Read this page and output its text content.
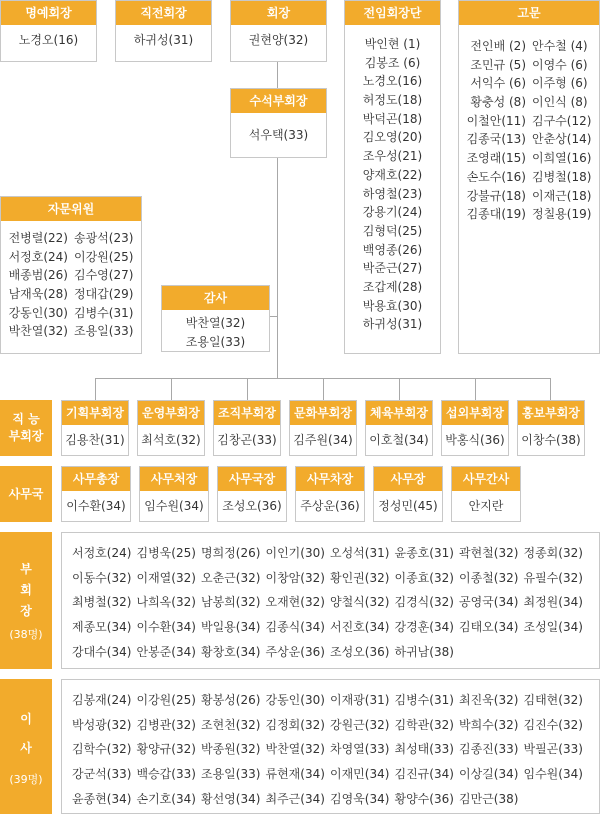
명예회장
노경오(16)
직전회장
하귀성(31)
회장
권현양(32)
수석부회장
석우택(33)
전임회장단
박인현 (1)
김봉조 (6)
노경오(16)
허정도(18)
박덕곤(18)
김오영(20)
조우성(21)
양재호(22)
하영철(23)
강용기(24)
김형덕(25)
백영종(26)
박준근(27)
조갑제(28)
박용효(30)
하귀성(31)
고문
전인배 (2) 안수철 (4)
조민규 (5) 이영수 (6)
서익수 (6) 이주형 (6)
황충성 (8) 이인식 (8)
이철안(11) 김구수(12)
김종국(13) 안춘상(14)
조영래(15) 이희열(16)
손도수(16) 김병철(18)
강불규(18) 이재근(18)
김종대(19) 정칠용(19)
자문위원
전병렬(22) 송광석(23)
서정호(24) 이강원(25)
배종범(26) 김수영(27)
남재욱(28) 정대갑(29)
강동인(30) 김병수(31)
박찬열(32) 조용일(33)
감사
박찬열(32)
조용일(33)
직 능
부회장
기획부회장
김용찬(31)
운영부회장
최석호(32)
조직부회장
김창곤(33)
문화부회장
김주원(34)
체육부회장
이호철(34)
섭외부회장
박홍식(36)
홍보부회장
이창수(38)
사무국
사무총장
이수환(34)
사무처장
임수원(34)
사무국장
조성오(36)
사무차장
주상운(36)
사무장
정성민(45)
사무간사
안지란
부
회
장
(38명)
서정호(24) 김병욱(25) 명희정(26) 이인기(30) 오성석(31) 윤종호(31) 곽현철(32) 정종회(32)
이동수(32) 이재열(32) 오춘근(32) 이창암(32) 황인권(32) 이종효(32) 이종철(32) 유필수(32)
최병철(32) 나희옥(32) 남봉희(32) 오재현(32) 양철식(32) 김경식(32) 공영국(34) 최정원(34)
제종모(34) 이수환(34) 박일용(34) 김종식(34) 서진호(34) 강경훈(34) 김태오(34) 조성일(34)
강대수(34) 안봉준(34) 황창호(34) 주상운(36) 조성오(36) 하귀남(38)
이
사
(39명)
김봉재(24) 이강원(25) 황봉성(26) 강동인(30) 이재광(31) 김병수(31) 최진욱(32) 김태현(32)
박성광(32) 김병관(32) 조현천(32) 김정회(32) 강원근(32) 김학관(32) 박희수(32) 김진수(32)
김학수(32) 황양규(32) 박종원(32) 박찬열(32) 차영열(33) 최성태(33) 김종진(33) 박필곤(33)
강군석(33) 백승갑(33) 조용일(33) 류현재(34) 이재민(34) 김진규(34) 이상길(34) 임수원(34)
윤종현(34) 손기호(34) 황선영(34) 최주근(34) 김영욱(34) 황양수(36) 김만근(38)
